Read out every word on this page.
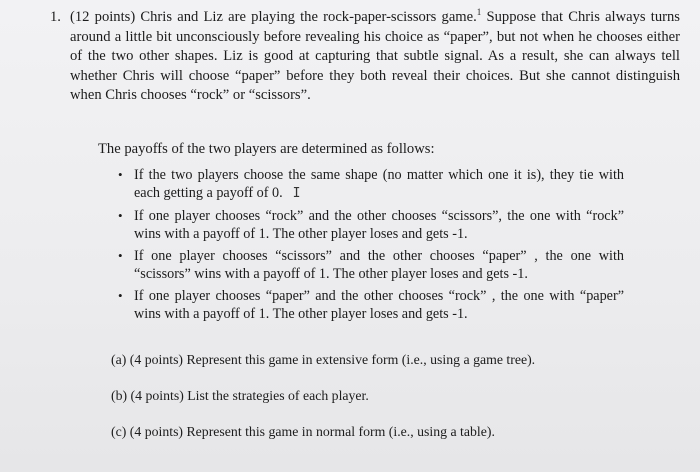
1. (12 points) Chris and Liz are playing the rock-paper-scissors game.$^1$ Suppose that Chris always turns around a little bit unconsciously before revealing his choice as “paper”, but not when he chooses either of the two other shapes. Liz is good at capturing that subtle signal. As a result, she can always tell whether Chris will choose “paper” before they both reveal their choices. But she cannot distinguish when Chris chooses “rock” or “scissors”.
The payoffs of the two players are determined as follows:
• If the two players choose the same shape (no matter which one it is), they tie with each getting a payoff of 0. I
• If one player chooses “rock” and the other chooses “scissors”, the one with “rock” wins with a payoff of 1. The other player loses and gets -1.
• If one player chooses “scissors” and the other chooses “paper” , the one with “scissors” wins with a payoff of 1. The other player loses and gets -1.
• If one player chooses “paper” and the other chooses “rock” , the one with “paper” wins with a payoff of 1. The other player loses and gets -1.
(a) (4 points) Represent this game in extensive form (i.e., using a game tree).
(b) (4 points) List the strategies of each player.
(c) (4 points) Represent this game in normal form (i.e., using a table).
